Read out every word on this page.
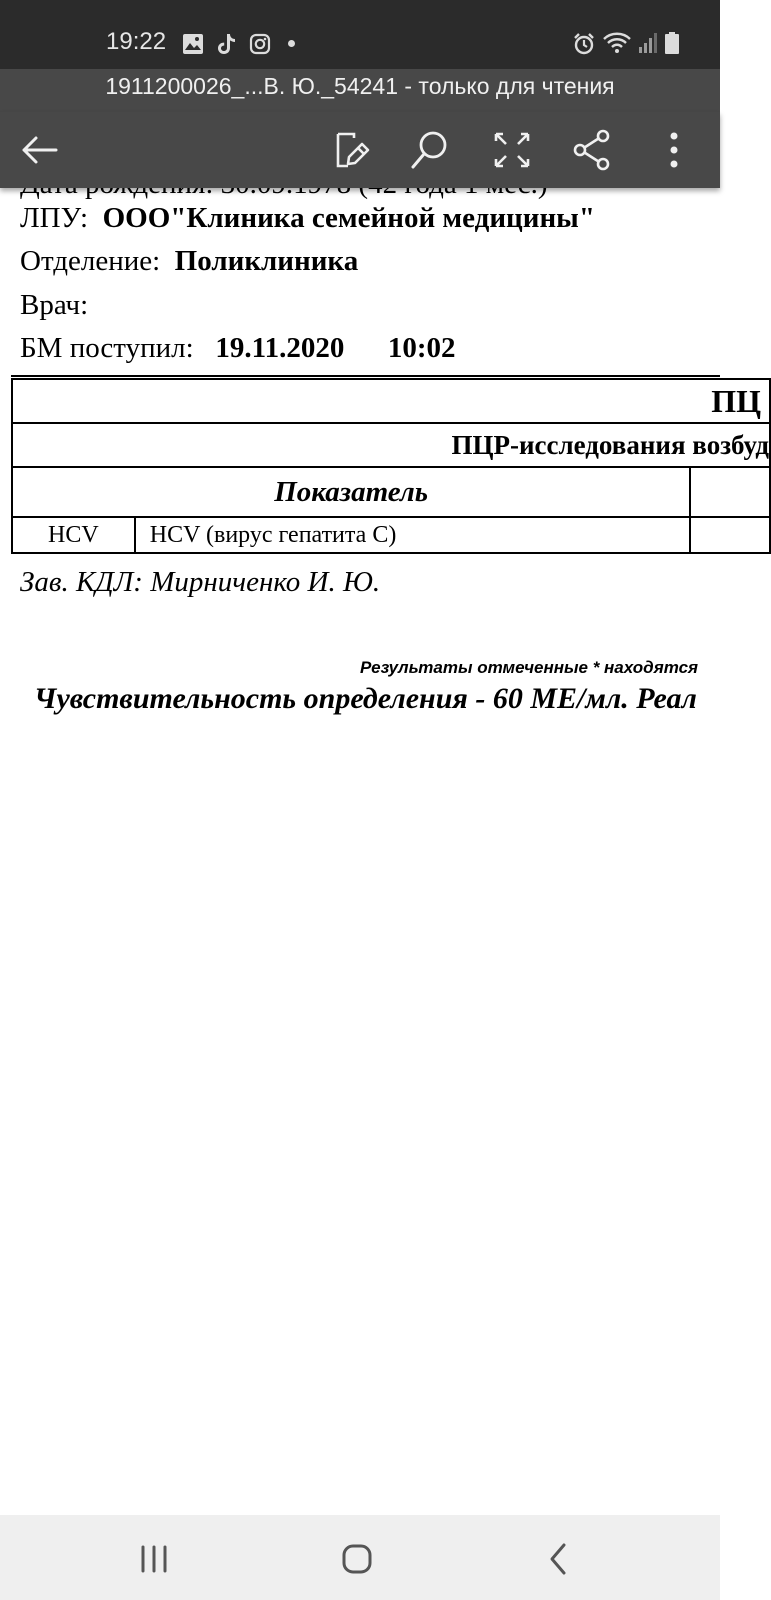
19:22
1911200026_...В. Ю._54241 - только для чтения
ЛПУ: ООО"Клиника семейной медицины"
Отделение: Поликлиника
Врач:
БМ поступил: 19.11.2020 10:02
ПЦ		
ПЦР-исследования возбуд		
Показатель		
HCV	HCV (вирус гепатита С)	
Зав. КДЛ: Мирниченко И. Ю.
Результаты отмеченные * находятся
Чувствительность определения - 60 МЕ/мл. Реал
